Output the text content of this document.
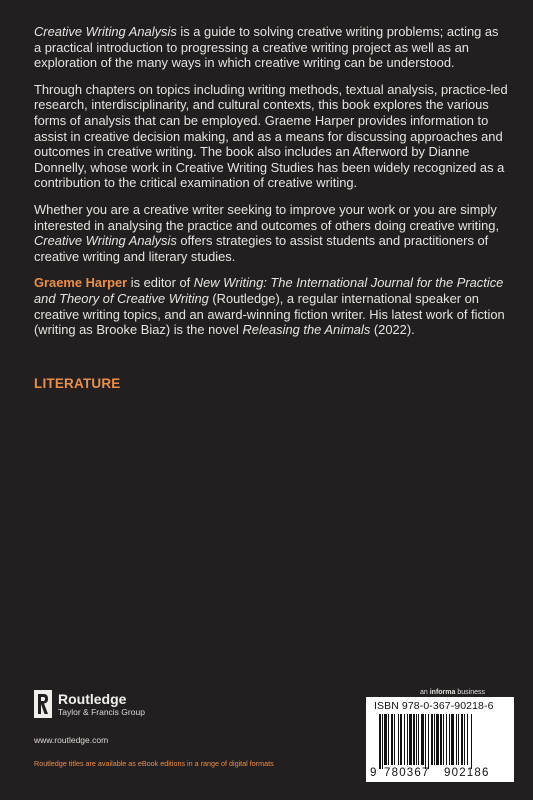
Creative Writing Analysis is a guide to solving creative writing problems; acting as a practical introduction to progressing a creative writing project as well as an exploration of the many ways in which creative writing can be understood.

Through chapters on topics including writing methods, textual analysis, practice-led research, interdisciplinarity, and cultural contexts, this book explores the various forms of analysis that can be employed. Graeme Harper provides information to assist in creative decision making, and as a means for discussing approaches and outcomes in creative writing. The book also includes an Afterword by Dianne Donnelly, whose work in Creative Writing Studies has been widely recognized as a contribution to the critical examination of creative writing.

Whether you are a creative writer seeking to improve your work or you are simply interested in analysing the practice and outcomes of others doing creative writing, Creative Writing Analysis offers strategies to assist students and practitioners of creative writing and literary studies.

Graeme Harper is editor of New Writing: The International Journal for the Practice and Theory of Creative Writing (Routledge), a regular international speaker on creative writing topics, and an award-winning fiction writer. His latest work of fiction (writing as Brooke Biaz) is the novel Releasing the Animals (2022).

LITERATURE
Routledge
Taylor & Francis Group
www.routledge.com
Routledge titles are available as eBook editions in a range of digital formats
an informa business
ISBN 978-0-367-90218-6
9 780367 902186
